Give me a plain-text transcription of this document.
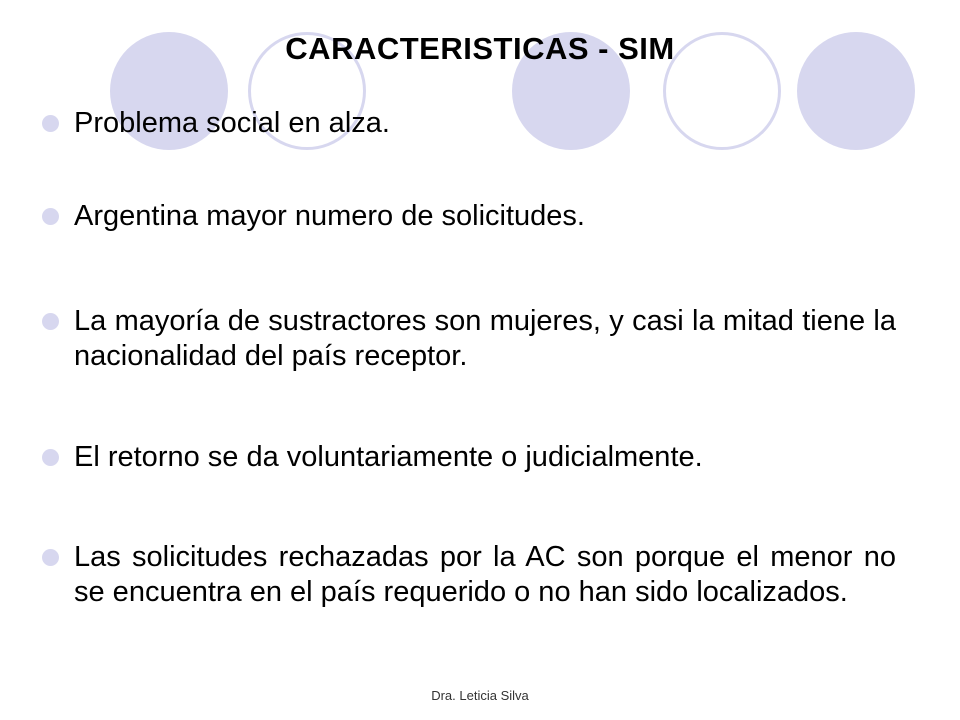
CARACTERISTICAS - SIM
Problema social en alza.
Argentina mayor numero de solicitudes.
La mayoría de sustractores son mujeres, y casi la mitad tiene la nacionalidad del país receptor.
El retorno se da voluntariamente o judicialmente.
Las solicitudes rechazadas por la AC son porque el menor no se encuentra en el país requerido o no han sido localizados.
Dra. Leticia Silva
